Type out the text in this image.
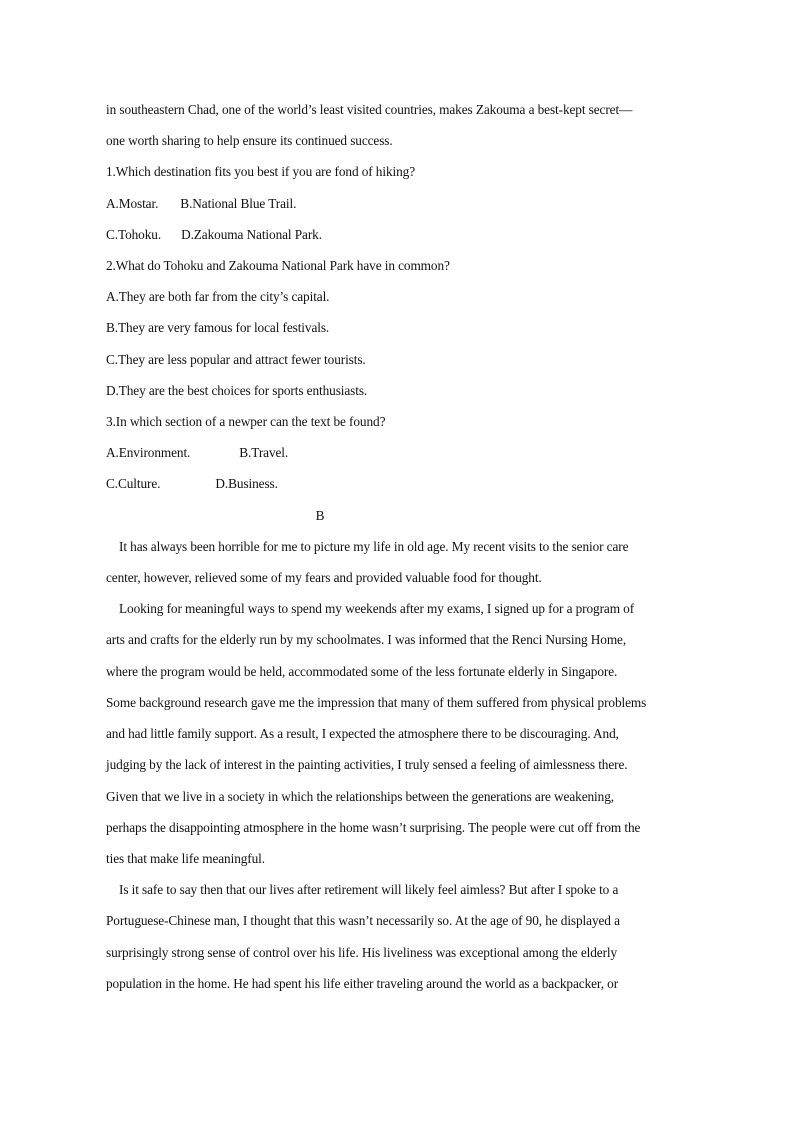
in southeastern Chad, one of the world’s least visited countries, makes Zakouma a best-kept secret—
one worth sharing to help ensure its continued success.
1.Which destination fits you best if you are fond of hiking?
A.Mostar. B.National Blue Trail.
C.Tohoku. D.Zakouma National Park.
2.What do Tohoku and Zakouma National Park have in common?
A.They are both far from the city’s capital.
B.They are very famous for local festivals.
C.They are less popular and attract fewer tourists.
D.They are the best choices for sports enthusiasts.
3.In which section of a newper can the text be found?
A.Environment.	B.Travel.
C.Culture.	D.Business.
B
It has always been horrible for me to picture my life in old age. My recent visits to the senior care
center, however, relieved some of my fears and provided valuable food for thought.
Looking for meaningful ways to spend my weekends after my exams, I signed up for a program of
arts and crafts for the elderly run by my schoolmates. I was informed that the Renci Nursing Home,
where the program would be held, accommodated some of the less fortunate elderly in Singapore.
Some background research gave me the impression that many of them suffered from physical problems
and had little family support. As a result, I expected the atmosphere there to be discouraging. And,
judging by the lack of interest in the painting activities, I truly sensed a feeling of aimlessness there.
Given that we live in a society in which the relationships between the generations are weakening,
perhaps the disappointing atmosphere in the home wasn’t surprising. The people were cut off from the
ties that make life meaningful.
Is it safe to say then that our lives after retirement will likely feel aimless? But after I spoke to a
Portuguese-Chinese man, I thought that this wasn’t necessarily so. At the age of 90, he displayed a
surprisingly strong sense of control over his life. His liveliness was exceptional among the elderly
population in the home. He had spent his life either traveling around the world as a backpacker, or
